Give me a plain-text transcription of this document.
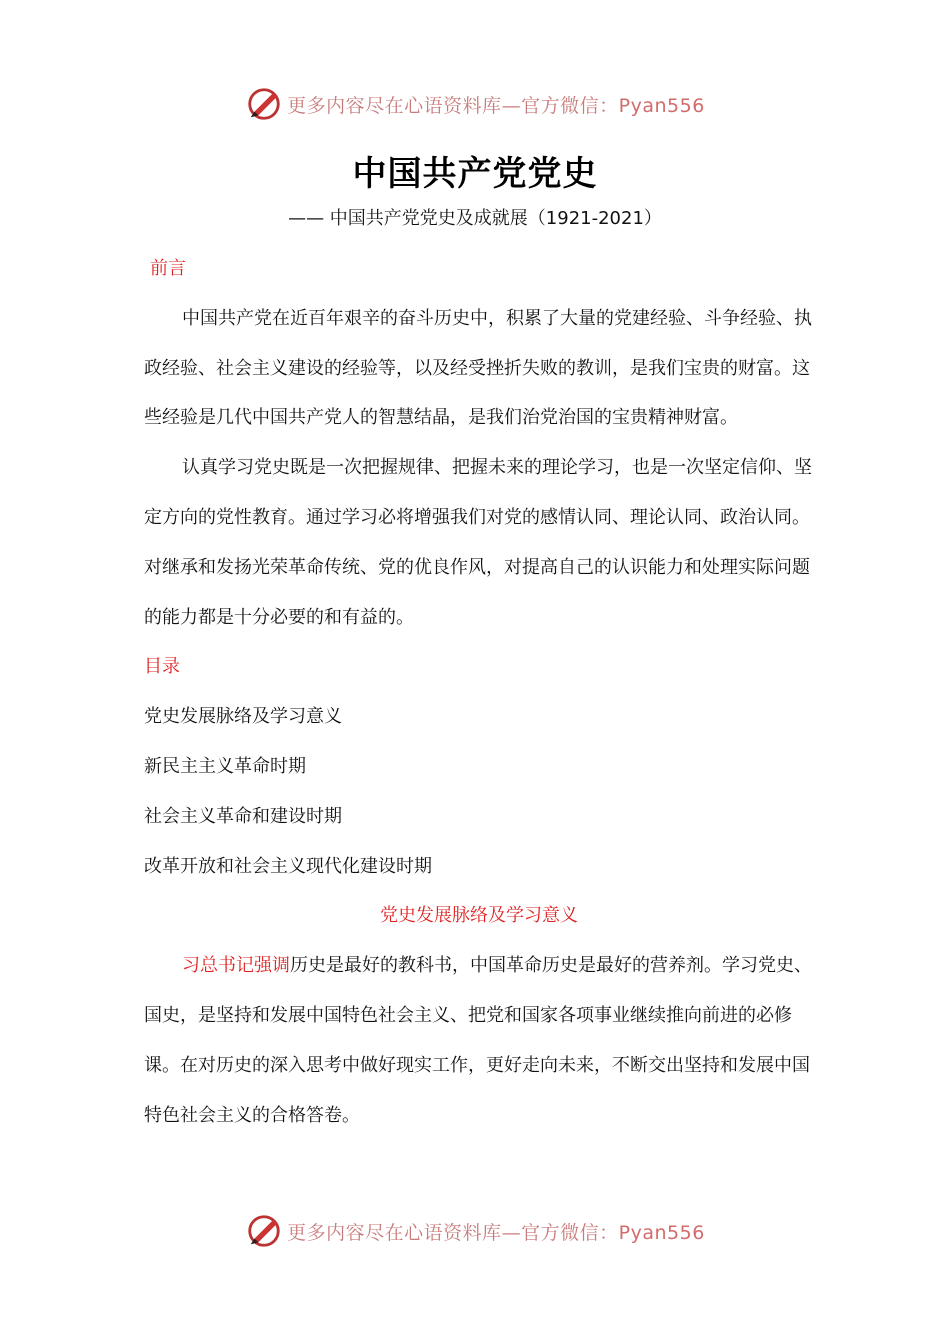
更多内容尽在心语资料库—官方微信：Pyan556
中国共产党党史
—— 中国共产党党史及成就展（1921-2021）

前言

中国共产党在近百年艰辛的奋斗历史中，积累了大量的党建经验、斗争经验、执政经验、社会主义建设的经验等，以及经受挫折失败的教训，是我们宝贵的财富。这些经验是几代中国共产党人的智慧结晶，是我们治党治国的宝贵精神财富。

认真学习党史既是一次把握规律、把握未来的理论学习，也是一次坚定信仰、坚定方向的党性教育。通过学习必将增强我们对党的感情认同、理论认同、政治认同。对继承和发扬光荣革命传统、党的优良作风，对提高自己的认识能力和处理实际问题的能力都是十分必要的和有益的。

目录

党史发展脉络及学习意义

新民主主义革命时期

社会主义革命和建设时期

改革开放和社会主义现代化建设时期

党史发展脉络及学习意义

习总书记强调历史是最好的教科书，中国革命历史是最好的营养剂。学习党史、国史，是坚持和发展中国特色社会主义、把党和国家各项事业继续推向前进的必修课。在对历史的深入思考中做好现实工作，更好走向未来，不断交出坚持和发展中国特色社会主义的合格答卷。

更多内容尽在心语资料库—官方微信：Pyan556
